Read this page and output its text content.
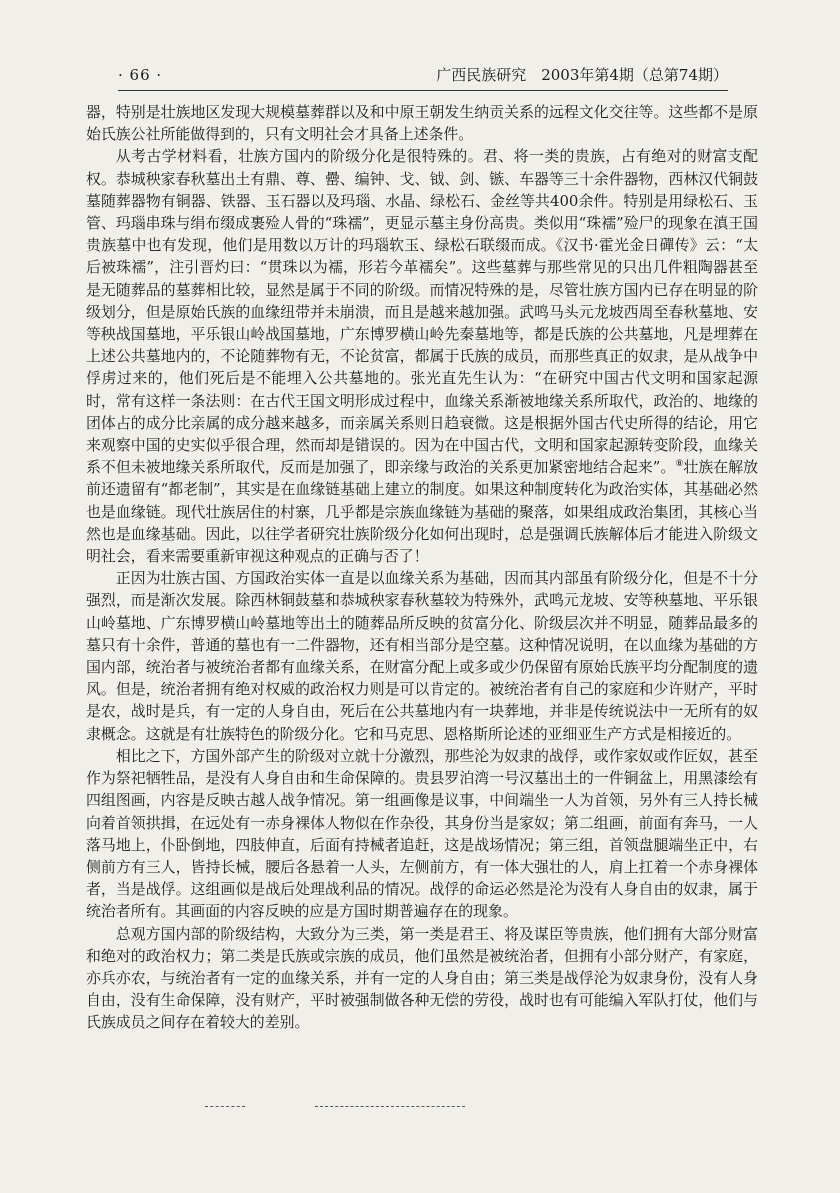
· 66 ·	广西民族研究　2003年第4期（总第74期）

器，特别是壮族地区发现大规模墓葬群以及和中原王朝发生纳贡关系的远程文化交往等。这些都不是原始氏族公社所能做得到的，只有文明社会才具备上述条件。

从考古学材料看，壮族方国内的阶级分化是很特殊的。君、将一类的贵族，占有绝对的财富支配权。恭城秧家春秋墓出土有鼎、尊、罍、编钟、戈、钺、剑、镞、车器等三十余件器物，西林汉代铜鼓墓随葬器物有铜器、铁器、玉石器以及玛瑙、水晶、绿松石、金丝等共400余件。特别是用绿松石、玉管、玛瑙串珠与绢布缀成裹殓人骨的“珠襦”，更显示墓主身份高贵。类似用“珠襦”殓尸的现象在滇王国贵族墓中也有发现，他们是用数以万计的玛瑙软玉、绿松石联缀而成。《汉书·霍光金日磾传》云：“太后被珠襦”，注引晋灼曰：“贯珠以为襦，形若今革襦矣”。这些墓葬与那些常见的只出几件粗陶器甚至是无随葬品的墓葬相比较，显然是属于不同的阶级。而情况特殊的是，尽管壮族方国内已存在明显的阶级划分，但是原始氏族的血缘纽带并未崩溃，而且是越来越加强。武鸣马头元龙坡西周至春秋墓地、安等秧战国墓地，平乐银山岭战国墓地，广东博罗横山岭先秦墓地等，都是氏族的公共墓地，凡是埋葬在上述公共墓地内的，不论随葬物有无，不论贫富，都属于氏族的成员，而那些真正的奴隶，是从战争中俘虏过来的，他们死后是不能埋入公共墓地的。张光直先生认为：“在研究中国古代文明和国家起源时，常有这样一条法则：在古代王国文明形成过程中，血缘关系渐被地缘关系所取代，政治的、地缘的团体占的成分比亲属的成分越来越多，而亲属关系则日趋衰微。这是根据外国古代史所得的结论，用它来观察中国的史实似乎很合理，然而却是错误的。因为在中国古代，文明和国家起源转变阶段，血缘关系不但未被地缘关系所取代，反而是加强了，即亲缘与政治的关系更加紧密地结合起来”。⑧壮族在解放前还遗留有“都老制”，其实是在血缘链基础上建立的制度。如果这种制度转化为政治实体，其基础必然也是血缘链。现代壮族居住的村寨，几乎都是宗族血缘链为基础的聚落，如果组成政治集团，其核心当然也是血缘基础。因此，以往学者研究壮族阶级分化如何出现时，总是强调氏族解体后才能进入阶级文明社会，看来需要重新审视这种观点的正确与否了！

正因为壮族古国、方国政治实体一直是以血缘关系为基础，因而其内部虽有阶级分化，但是不十分强烈，而是渐次发展。除西林铜鼓墓和恭城秧家春秋墓较为特殊外，武鸣元龙坡、安等秧墓地、平乐银山岭墓地、广东博罗横山岭墓地等出土的随葬品所反映的贫富分化、阶级层次并不明显，随葬品最多的墓只有十余件，普通的墓也有一二件器物，还有相当部分是空墓。这种情况说明，在以血缘为基础的方国内部，统治者与被统治者都有血缘关系，在财富分配上或多或少仍保留有原始氏族平均分配制度的遗风。但是，统治者拥有绝对权威的政治权力则是可以肯定的。被统治者有自己的家庭和少许财产，平时是农，战时是兵，有一定的人身自由，死后在公共墓地内有一块葬地，并非是传统说法中一无所有的奴隶概念。这就是有壮族特色的阶级分化。它和马克思、恩格斯所论述的亚细亚生产方式是相接近的。

相比之下，方国外部产生的阶级对立就十分激烈，那些沦为奴隶的战俘，或作家奴或作匠奴，甚至作为祭祀牺牲品，是没有人身自由和生命保障的。贵县罗泊湾一号汉墓出土的一件铜盆上，用黑漆绘有四组图画，内容是反映古越人战争情况。第一组画像是议事，中间端坐一人为首领，另外有三人持长械向着首领拱揖，在远处有一赤身裸体人物似在作杂役，其身份当是家奴；第二组画，前面有奔马，一人落马地上，仆卧倒地，四肢伸直，后面有持械者追赶，这是战场情况；第三组，首领盘腿端坐正中，右侧前方有三人，皆持长械，腰后各悬着一人头，左侧前方，有一体大强壮的人，肩上扛着一个赤身裸体者，当是战俘。这组画似是战后处理战利品的情况。战俘的命运必然是沦为没有人身自由的奴隶，属于统治者所有。其画面的内容反映的应是方国时期普遍存在的现象。

总观方国内部的阶级结构，大致分为三类，第一类是君王、将及谋臣等贵族，他们拥有大部分财富和绝对的政治权力；第二类是氏族或宗族的成员，他们虽然是被统治者，但拥有小部分财产，有家庭，亦兵亦农，与统治者有一定的血缘关系，并有一定的人身自由；第三类是战俘沦为奴隶身份，没有人身自由，没有生命保障，没有财产，平时被强制做各种无偿的劳役，战时也有可能编入军队打仗，他们与氏族成员之间存在着较大的差别。
